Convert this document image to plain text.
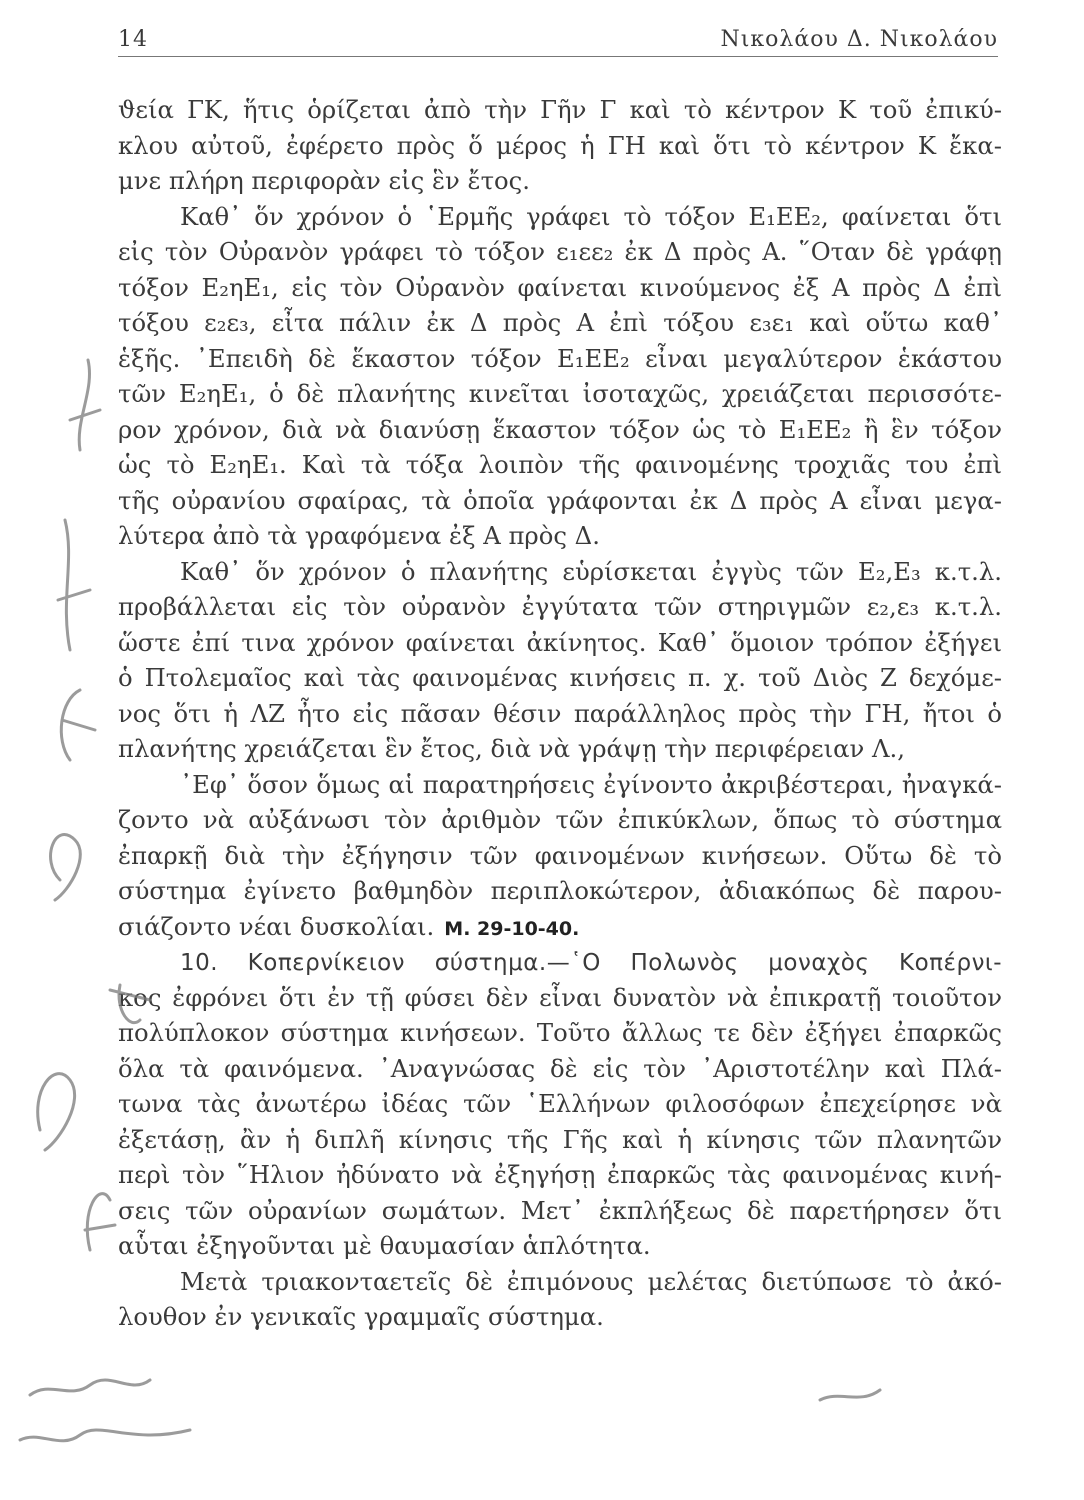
14	Νικολάου Δ. Νικολάου
ϑεία ΓΚ, ἥτις ὁρίζεται ἀπὸ τὴν Γῆν Γ καὶ τὸ κέντρον Κ τοῦ ἐπικύ-
κλου αὐτοῦ, ἐφέρετο πρὸς ὅ μέρος ἡ ΓΗ καὶ ὅτι τὸ κέντρον Κ ἔκα-
μνε πλήρη περιφορὰν εἰς ἓν ἔτος.
Καθ᾿ ὅν χρόνον ὁ ῾Ερμῆς γράφει τὸ τόξον Ε₁ΕΕ₂, φαίνεται ὅτι
εἰς τὸν Οὐρανὸν γράφει τὸ τόξον ε₁εε₂ ἐκ Δ πρὸς Α. ῞Οταν δὲ γράφῃ
τόξον Ε₂ηΕ₁, εἰς τὸν Οὐρανὸν φαίνεται κινούμενος ἐξ Α πρὸς Δ ἐπὶ
τόξου ε₂ε₃, εἶτα πάλιν ἐκ Δ πρὸς Α ἐπὶ τόξου ε₃ε₁ καὶ οὕτω καθ᾿
ἑξῆς. ᾿Επειδὴ δὲ ἕκαστον τόξον Ε₁ΕΕ₂ εἶναι μεγαλύτερον ἑκάστου
τῶν Ε₂ηΕ₁, ὁ δὲ πλανήτης κινεῖται ἰσοταχῶς, χρειάζεται περισσότε-
ρον χρόνον, διὰ νὰ διανύσῃ ἕκαστον τόξον ὡς τὸ Ε₁ΕΕ₂ ἢ ἓν τόξον
ὡς τὸ Ε₂ηΕ₁. Καὶ τὰ τόξα λοιπὸν τῆς φαινομένης τροχιᾶς του ἐπὶ
τῆς οὐρανίου σφαίρας, τὰ ὁποῖα γράφονται ἐκ Δ πρὸς Α εἶναι μεγα-
λύτερα ἀπὸ τὰ γραφόμενα ἐξ Α πρὸς Δ.
Καθ᾿ ὅν χρόνον ὁ πλανήτης εὑρίσκεται ἐγγὺς τῶν Ε₂,Ε₃ κ.τ.λ.
προβάλλεται εἰς τὸν οὐρανὸν ἐγγύτατα τῶν στηριγμῶν ε₂,ε₃ κ.τ.λ.
ὥστε ἐπί τινα χρόνον φαίνεται ἀκίνητος. Καθ᾿ ὅμοιον τρόπον ἐξήγει
ὁ Πτολεμαῖος καὶ τὰς φαινομένας κινήσεις π. χ. τοῦ Διὸς Ζ δεχόμε-
νος ὅτι ἡ ΛΖ ἦτο εἰς πᾶσαν θέσιν παράλληλος πρὸς τὴν ΓΗ, ἤτοι ὁ
πλανήτης χρειάζεται ἓν ἔτος, διὰ νὰ γράψῃ τὴν περιφέρειαν Λ.,
᾿Εφ᾿ ὅσον ὅμως αἱ παρατηρήσεις ἐγίνοντο ἀκριβέστεραι, ἠναγκά-
ζοντο νὰ αὐξάνωσι τὸν ἀριθμὸν τῶν ἐπικύκλων, ὅπως τὸ σύστημα
ἐπαρκῇ διὰ τὴν ἐξήγησιν τῶν φαινομένων κινήσεων. Οὕτω δὲ τὸ
σύστημα ἐγίνετο βαθμηδὸν περιπλοκώτερον, ἀδιακόπως δὲ παρου-
σιάζοντο νέαι δυσκολίαι. Μ. 29-10-40.
10. Κοπερνίκειον σύστημα.—῾Ο Πολωνὸς μοναχὸς Κοπέρνι-
κος ἐφρόνει ὅτι ἐν τῇ φύσει δὲν εἶναι δυνατὸν νὰ ἐπικρατῇ τοιοῦτον
πολύπλοκον σύστημα κινήσεων. Τοῦτο ἄλλως τε δὲν ἐξήγει ἐπαρκῶς
ὅλα τὰ φαινόμενα. ᾿Αναγνώσας δὲ εἰς τὸν ᾿Αριστοτέλην καὶ Πλά-
τωνα τὰς ἀνωτέρω ἰδέας τῶν ῾Ελλήνων φιλοσόφων ἐπεχείρησε νὰ
ἐξετάσῃ, ἂν ἡ διπλῆ κίνησις τῆς Γῆς καὶ ἡ κίνησις τῶν πλανητῶν
περὶ τὸν ῞Ηλιον ἠδύνατο νὰ ἐξηγήσῃ ἐπαρκῶς τὰς φαινομένας κινή-
σεις τῶν οὐρανίων σωμάτων. Μετ᾿ ἐκπλήξεως δὲ παρετήρησεν ὅτι
αὗται ἐξηγοῦνται μὲ θαυμασίαν ἁπλότητα.
Μετὰ τριακονταετεῖς δὲ ἐπιμόνους μελέτας διετύπωσε τὸ ἀκό-
λουθον ἐν γενικαῖς γραμμαῖς σύστημα.
